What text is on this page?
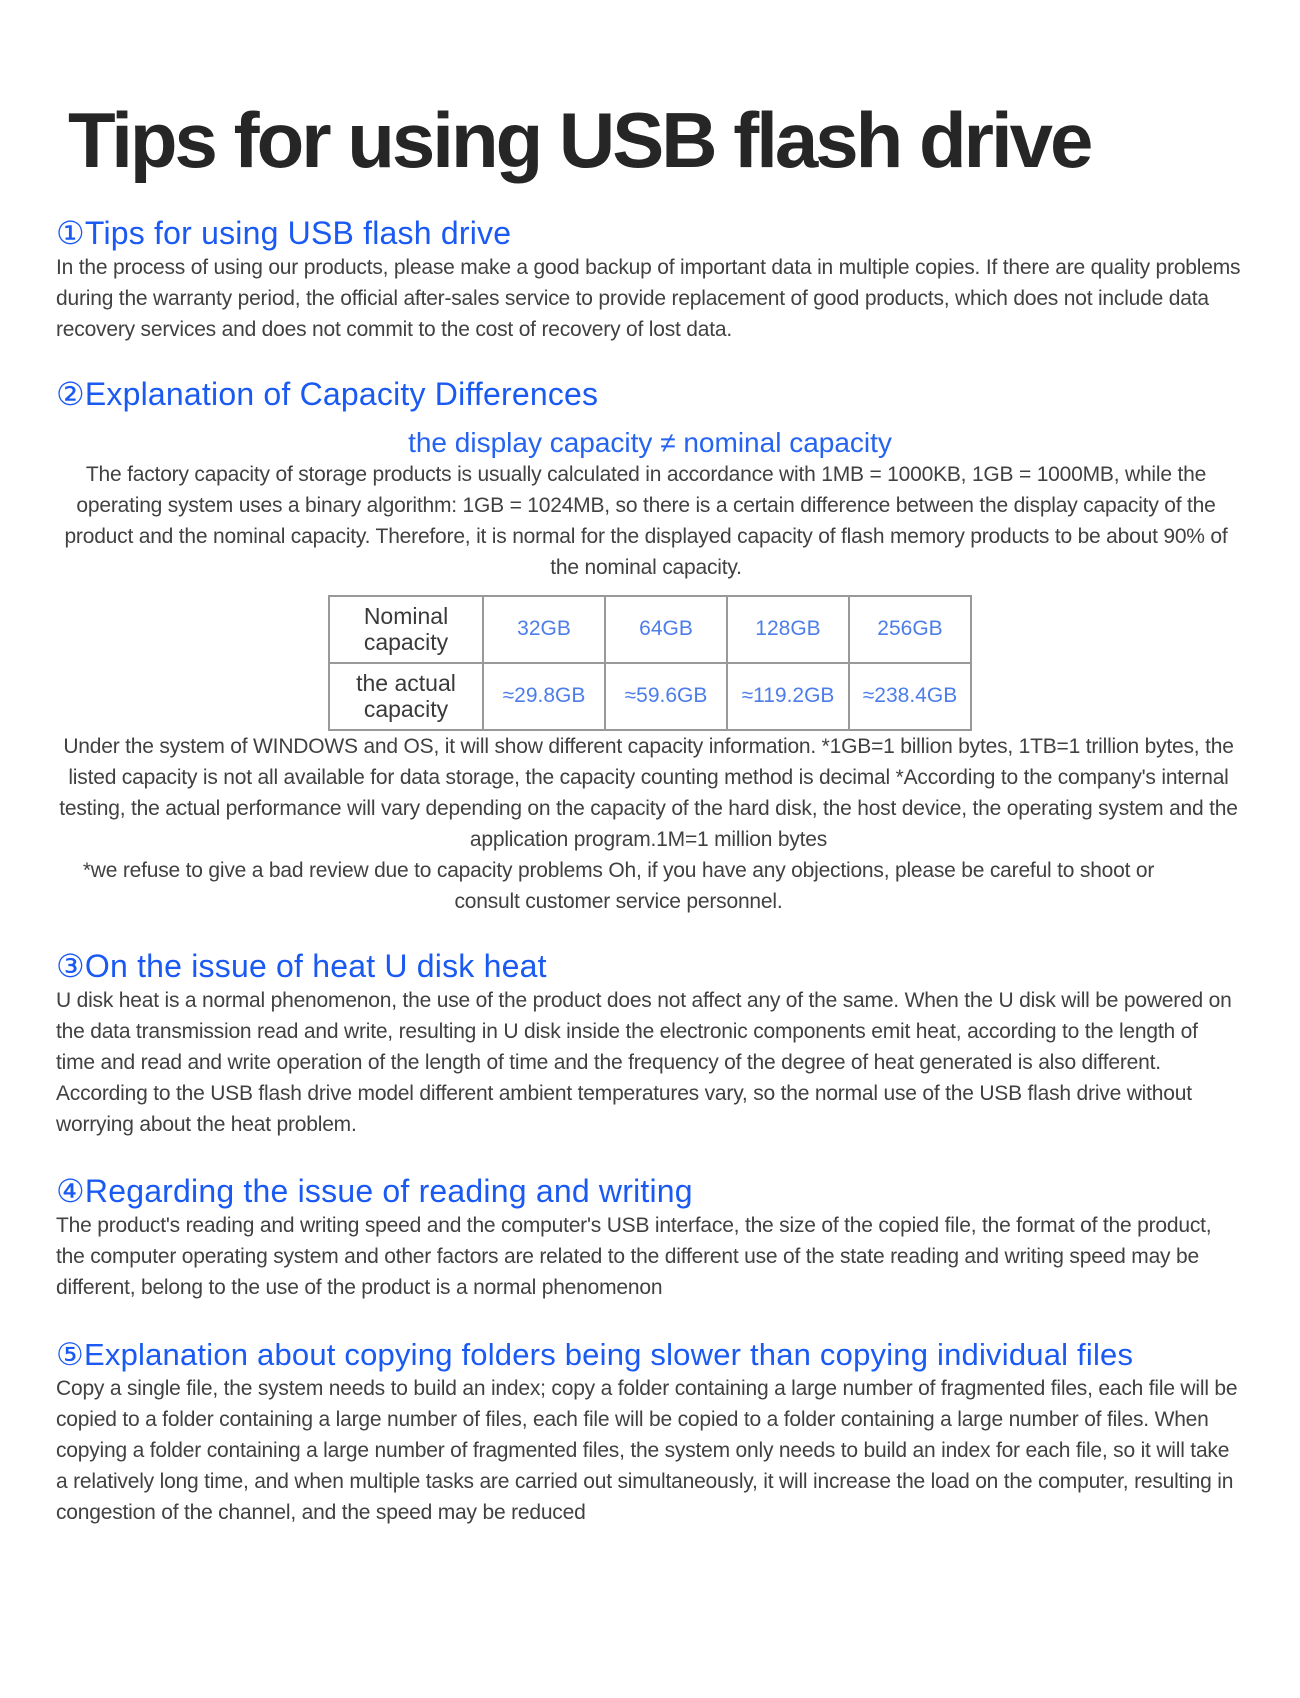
Tips for using USB flash drive
①Tips for using USB flash drive

In the process of using our products, please make a good backup of important data in multiple copies. If there are quality problems during the warranty period, the official after-sales service to provide replacement of good products, which does not include data recovery services and does not commit to the cost of recovery of lost data.

②Explanation of Capacity Differences
the display capacity ≠ nominal capacity

The factory capacity of storage products is usually calculated in accordance with 1MB = 1000KB, 1GB = 1000MB, while the operating system uses a binary algorithm: 1GB = 1024MB, so there is a certain difference between the display capacity of the product and the nominal capacity. Therefore, it is normal for the displayed capacity of flash memory products to be about 90% of the nominal capacity.

Nominal capacity	32GB	64GB	128GB	256GB
the actual capacity	≈29.8GB	≈59.6GB	≈119.2GB	≈238.4GB

Under the system of WINDOWS and OS, it will show different capacity information. *1GB=1 billion bytes, 1TB=1 trillion bytes, the listed capacity is not all available for data storage, the capacity counting method is decimal *According to the company's internal testing, the actual performance will vary depending on the capacity of the hard disk, the host device, the operating system and the application program.1M=1 million bytes

*we refuse to give a bad review due to capacity problems Oh, if you have any objections, please be careful to shoot or consult customer service personnel.

③On the issue of heat U disk heat

U disk heat is a normal phenomenon, the use of the product does not affect any of the same. When the U disk will be powered on the data transmission read and write, resulting in U disk inside the electronic components emit heat, according to the length of time and read and write operation of the length of time and the frequency of the degree of heat generated is also different. According to the USB flash drive model different ambient temperatures vary, so the normal use of the USB flash drive without worrying about the heat problem.

④Regarding the issue of reading and writing

The product's reading and writing speed and the computer's USB interface, the size of the copied file, the format of the product, the computer operating system and other factors are related to the different use of the state reading and writing speed may be different, belong to the use of the product is a normal phenomenon

⑤Explanation about copying folders being slower than copying individual files

Copy a single file, the system needs to build an index; copy a folder containing a large number of fragmented files, each file will be copied to a folder containing a large number of files, each file will be copied to a folder containing a large number of files. When copying a folder containing a large number of fragmented files, the system only needs to build an index for each file, so it will take a relatively long time, and when multiple tasks are carried out simultaneously, it will increase the load on the computer, resulting in congestion of the channel, and the speed may be reduced
